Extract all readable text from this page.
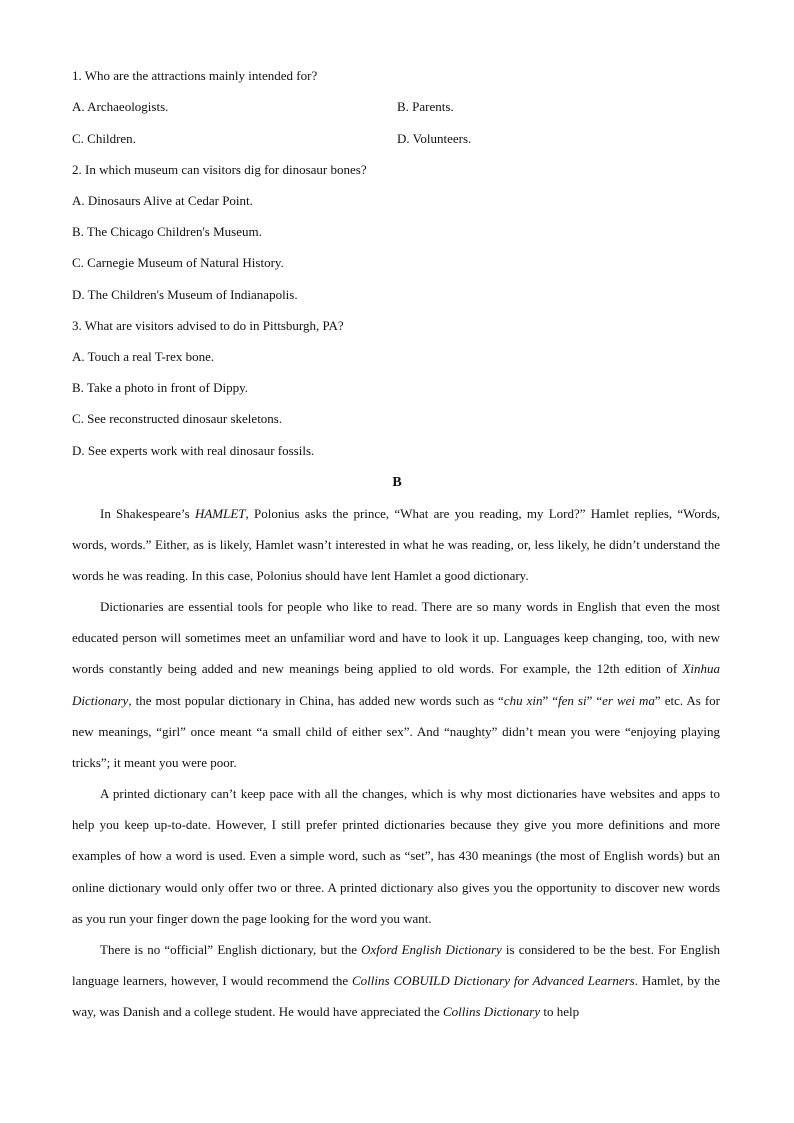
1. Who are the attractions mainly intended for?
A. Archaeologists.	B. Parents.
C. Children.	D. Volunteers.
2. In which museum can visitors dig for dinosaur bones?
A. Dinosaurs Alive at Cedar Point.
B. The Chicago Children's Museum.
C. Carnegie Museum of Natural History.
D. The Children's Museum of Indianapolis.
3. What are visitors advised to do in Pittsburgh, PA?
A. Touch a real T-rex bone.
B. Take a photo in front of Dippy.
C. See reconstructed dinosaur skeletons.
D. See experts work with real dinosaur fossils.
B
In Shakespeare’s HAMLET, Polonius asks the prince, “What are you reading, my Lord?” Hamlet replies, “Words, words, words.” Either, as is likely, Hamlet wasn’t interested in what he was reading, or, less likely, he didn’t understand the words he was reading. In this case, Polonius should have lent Hamlet a good dictionary.
Dictionaries are essential tools for people who like to read. There are so many words in English that even the most educated person will sometimes meet an unfamiliar word and have to look it up. Languages keep changing, too, with new words constantly being added and new meanings being applied to old words. For example, the 12th edition of Xinhua Dictionary, the most popular dictionary in China, has added new words such as “chu xin” “fen si” “er wei ma” etc. As for new meanings, “girl” once meant “a small child of either sex”. And “naughty” didn’t mean you were “enjoying playing tricks”; it meant you were poor.
A printed dictionary can’t keep pace with all the changes, which is why most dictionaries have websites and apps to help you keep up-to-date. However, I still prefer printed dictionaries because they give you more definitions and more examples of how a word is used. Even a simple word, such as “set”, has 430 meanings (the most of English words) but an online dictionary would only offer two or three. A printed dictionary also gives you the opportunity to discover new words as you run your finger down the page looking for the word you want.
There is no “official” English dictionary, but the Oxford English Dictionary is considered to be the best. For English language learners, however, I would recommend the Collins COBUILD Dictionary for Advanced Learners. Hamlet, by the way, was Danish and a college student. He would have appreciated the Collins Dictionary to help
